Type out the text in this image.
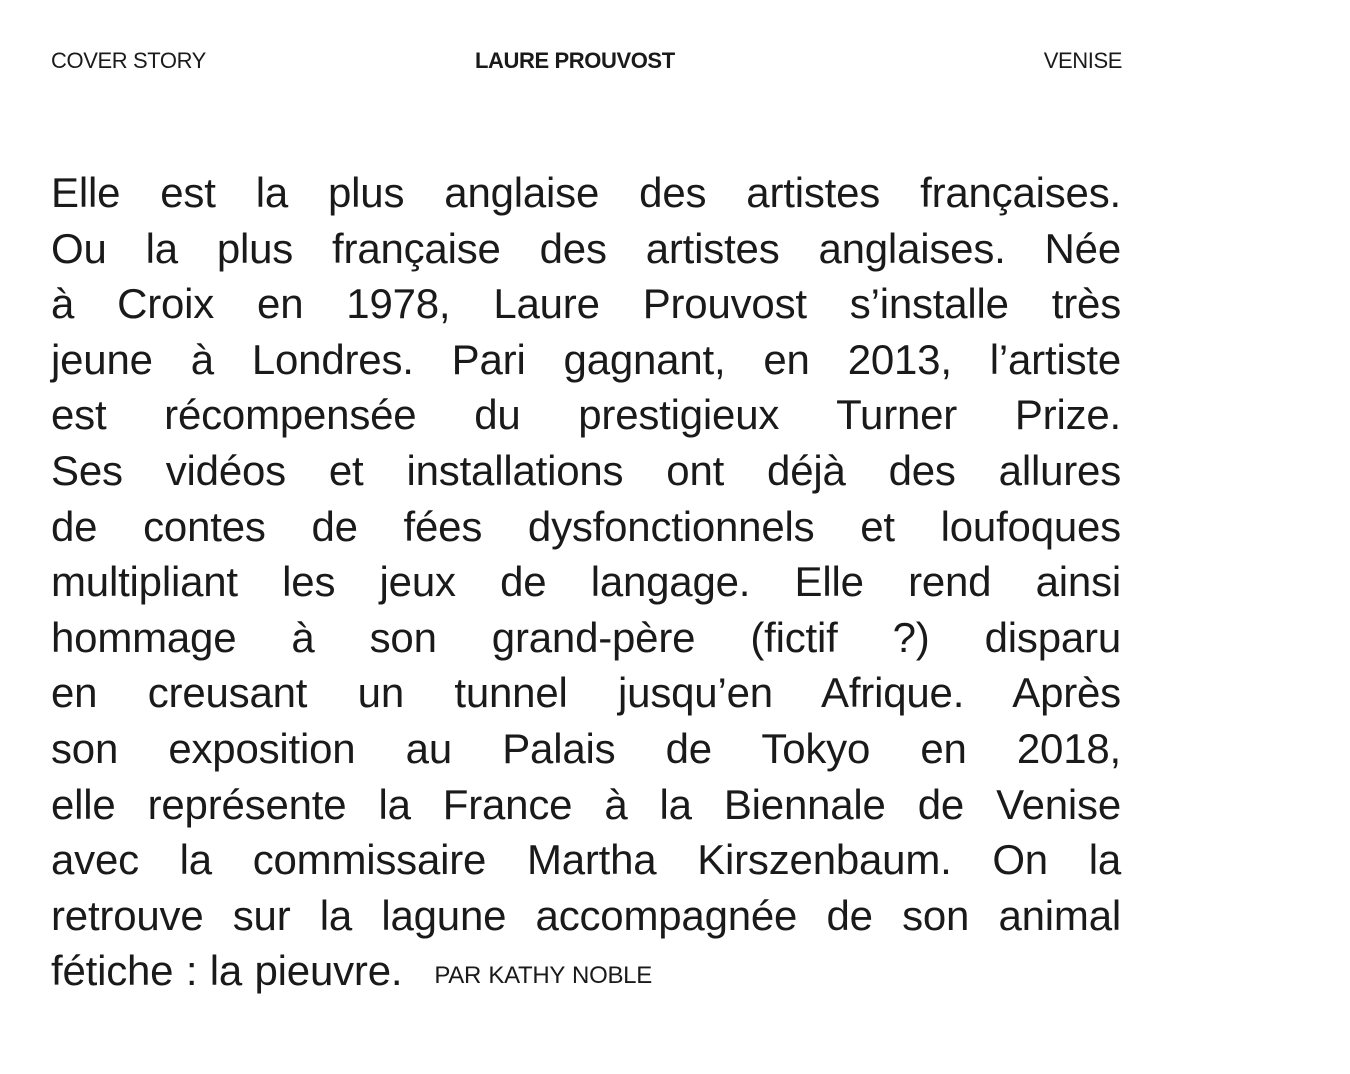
COVER STORY	LAURE PROUVOST	VENISE
Elle est la plus anglaise des artistes françaises.
Ou la plus française des artistes anglaises. Née
à Croix en 1978, Laure Prouvost s’installe très
jeune à Londres. Pari gagnant, en 2013, l’artiste
est récompensée du prestigieux Turner Prize.
Ses vidéos et installations ont déjà des allures
de contes de fées dysfonctionnels et loufoques
multipliant les jeux de langage. Elle rend ainsi
hommage à son grand-père (fictif ?) disparu
en creusant un tunnel jusqu’en Afrique. Après
son exposition au Palais de Tokyo en 2018,
elle représente la France à la Biennale de Venise
avec la commissaire Martha Kirszenbaum. On la
retrouve sur la lagune accompagnée de son animal
fétiche : la pieuvre. PAR KATHY NOBLE
